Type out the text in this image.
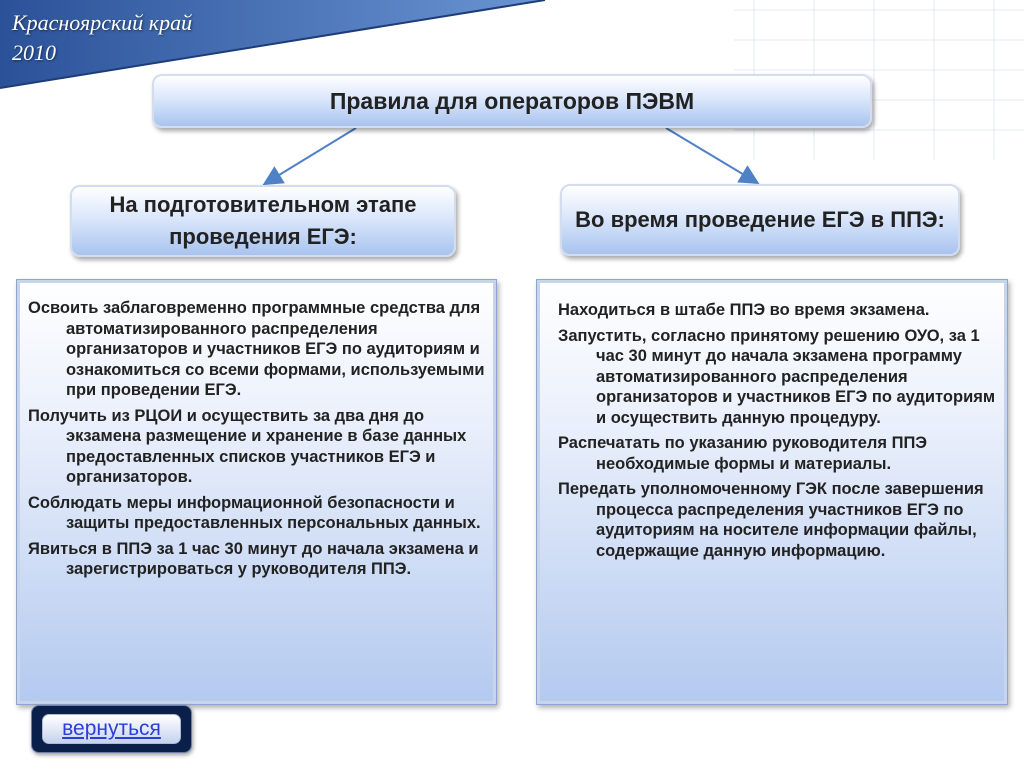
Красноярский край
2010
Правила для операторов ПЭВМ
На подготовительном этапе проведения ЕГЭ:
Во время проведение ЕГЭ в ППЭ:
Освоить заблаговременно программные средства для автоматизированного распределения организаторов и участников ЕГЭ по аудиториям и ознакомиться со всеми формами, используемыми при проведении ЕГЭ.
Получить из РЦОИ и осуществить за два дня до экзамена размещение и хранение в базе данных предоставленных списков участников ЕГЭ и организаторов.
Соблюдать меры информационной безопасности и защиты предоставленных персональных данных.
Явиться в ППЭ за 1 час 30 минут до начала экзамена и зарегистрироваться у руководителя ППЭ.
Находиться в штабе ППЭ во время экзамена.
Запустить, согласно принятому решению ОУО, за 1 час 30 минут до начала экзамена программу автоматизированного распределения организаторов и участников ЕГЭ по аудиториям и осуществить данную процедуру.
Распечатать по указанию руководителя ППЭ необходимые формы и материалы.
Передать уполномоченному ГЭК после завершения процесса распределения участников ЕГЭ по аудиториям на носителе информации файлы, содержащие данную информацию.
вернуться
